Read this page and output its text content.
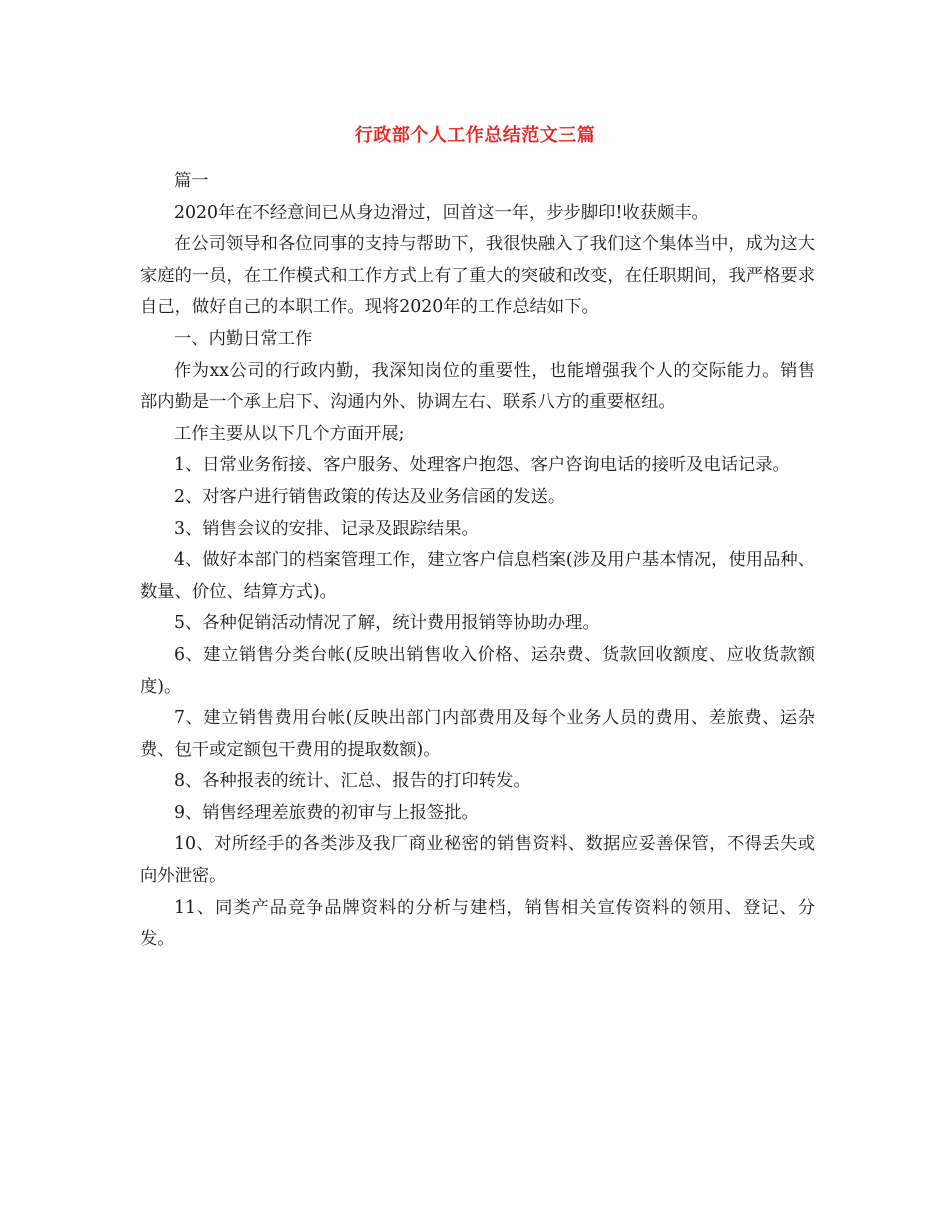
行政部个人工作总结范文三篇

篇一

2020年在不经意间已从身边滑过，回首这一年，步步脚印!收获颇丰。

在公司领导和各位同事的支持与帮助下，我很快融入了我们这个集体当中，成为这大家庭的一员，在工作模式和工作方式上有了重大的突破和改变，在任职期间，我严格要求自己，做好自己的本职工作。现将2020年的工作总结如下。

一、内勤日常工作

作为xx公司的行政内勤，我深知岗位的重要性，也能增强我个人的交际能力。销售部内勤是一个承上启下、沟通内外、协调左右、联系八方的重要枢纽。

工作主要从以下几个方面开展;

1、日常业务衔接、客户服务、处理客户抱怨、客户咨询电话的接听及电话记录。

2、对客户进行销售政策的传达及业务信函的发送。

3、销售会议的安排、记录及跟踪结果。

4、做好本部门的档案管理工作，建立客户信息档案(涉及用户基本情况，使用品种、数量、价位、结算方式)。

5、各种促销活动情况了解，统计费用报销等协助办理。

6、建立销售分类台帐(反映出销售收入价格、运杂费、货款回收额度、应收货款额度)。

7、建立销售费用台帐(反映出部门内部费用及每个业务人员的费用、差旅费、运杂费、包干或定额包干费用的提取数额)。

8、各种报表的统计、汇总、报告的打印转发。

9、销售经理差旅费的初审与上报签批。

10、对所经手的各类涉及我厂商业秘密的销售资料、数据应妥善保管，不得丢失或向外泄密。

11、同类产品竞争品牌资料的分析与建档，销售相关宣传资料的领用、登记、分发。
